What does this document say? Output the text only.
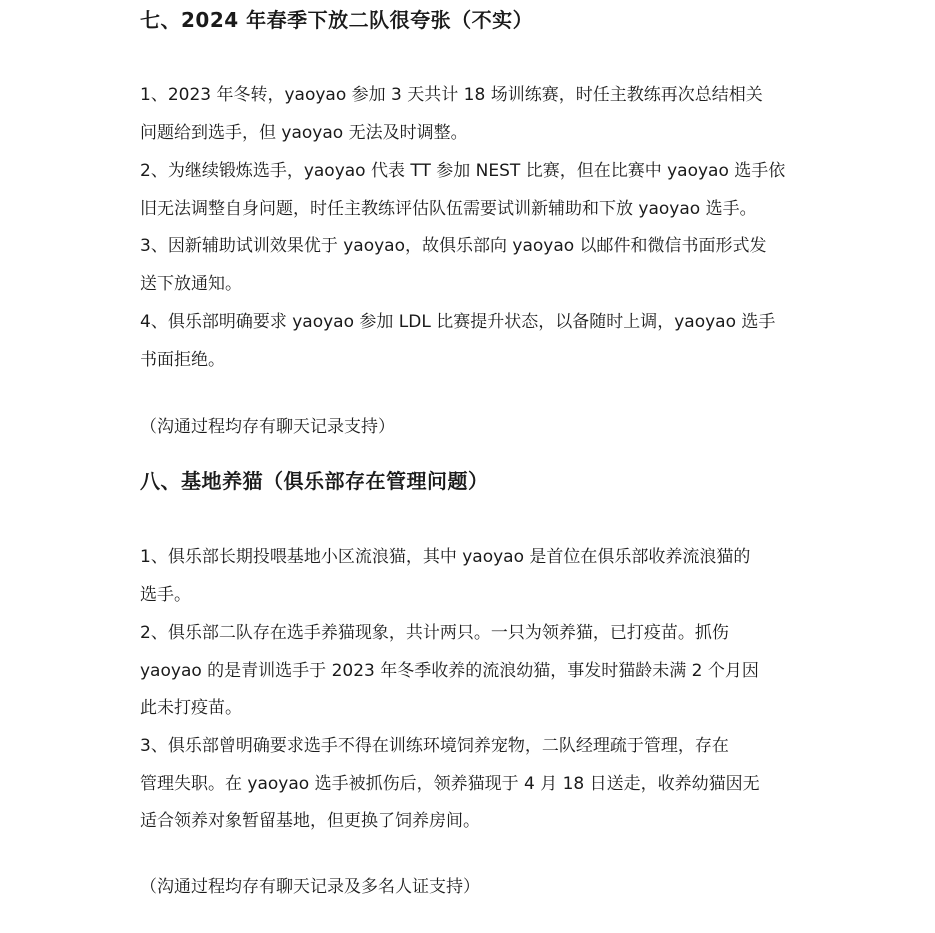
七、2024 年春季下放二队很夸张（不实）
1、2023 年冬转，yaoyao 参加 3 天共计 18 场训练赛，时任主教练再次总结相关
问题给到选手，但 yaoyao 无法及时调整。
2、为继续锻炼选手，yaoyao 代表 TT 参加 NEST 比赛，但在比赛中 yaoyao 选手依
旧无法调整自身问题，时任主教练评估队伍需要试训新辅助和下放 yaoyao 选手。
3、因新辅助试训效果优于 yaoyao，故俱乐部向 yaoyao 以邮件和微信书面形式发
送下放通知。
4、俱乐部明确要求 yaoyao 参加 LDL 比赛提升状态，以备随时上调，yaoyao 选手
书面拒绝。
（沟通过程均存有聊天记录支持）
八、基地养猫（俱乐部存在管理问题）
1、俱乐部长期投喂基地小区流浪猫，其中 yaoyao 是首位在俱乐部收养流浪猫的
选手。
2、俱乐部二队存在选手养猫现象，共计两只。一只为领养猫，已打疫苗。抓伤
yaoyao 的是青训选手于 2023 年冬季收养的流浪幼猫，事发时猫龄未满 2 个月因
此未打疫苗。
3、俱乐部曾明确要求选手不得在训练环境饲养宠物，二队经理疏于管理，存在
管理失职。在 yaoyao 选手被抓伤后，领养猫现于 4 月 18 日送走，收养幼猫因无
适合领养对象暂留基地，但更换了饲养房间。
（沟通过程均存有聊天记录及多名人证支持）
